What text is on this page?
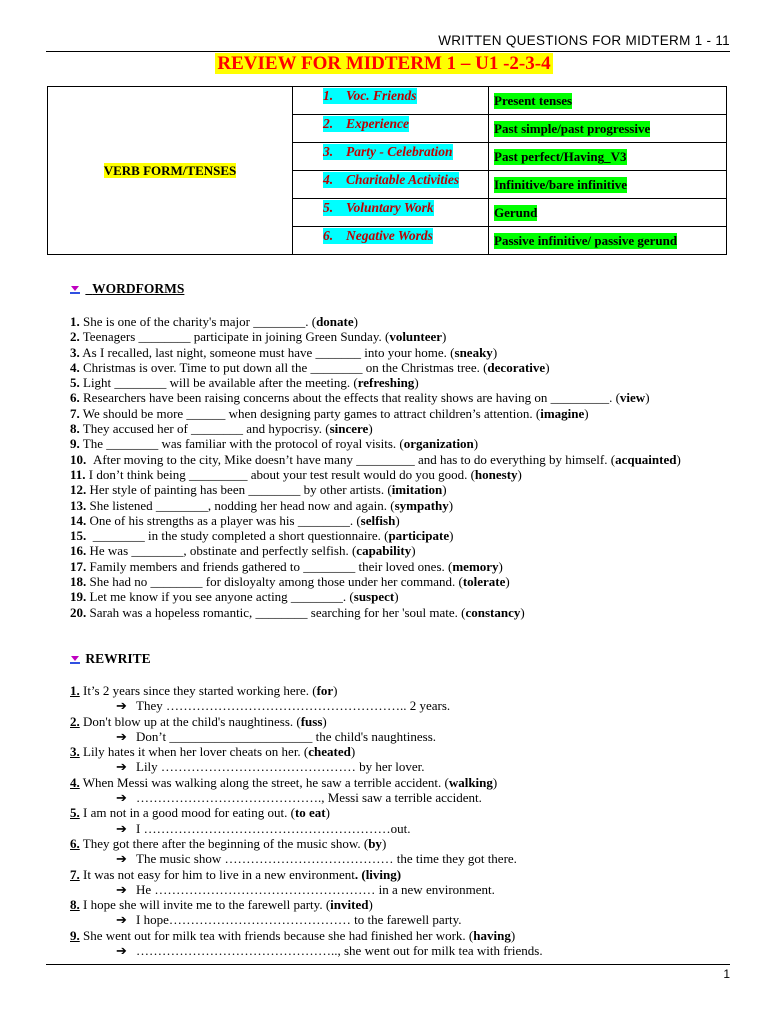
WRITTEN QUESTIONS FOR MIDTERM 1 - 11
REVIEW FOR MIDTERM 1 – U1 -2-3-4
VERB FORM/TENSES	1. Voc. Friends	Present tenses
	2. Experience	Past simple/past progressive
	3. Party - Celebration	Past perfect/Having_V3
	4. Charitable Activities	Infinitive/bare infinitive
	5. Voluntary Work	Gerund
	6. Negative Words	Passive infinitive/ passive gerund
WORDFORMS
1. She is one of the charity's major ________. (donate)
2. Teenagers ________ participate in joining Green Sunday. (volunteer)
3. As I recalled, last night, someone must have _______ into your home. (sneaky)
4. Christmas is over. Time to put down all the ________ on the Christmas tree. (decorative)
5. Light ________ will be available after the meeting. (refreshing)
6. Researchers have been raising concerns about the effects that reality shows are having on _________. (view)
7. We should be more ______ when designing party games to attract children’s attention. (imagine)
8. They accused her of ________ and hypocrisy. (sincere)
9. The ________ was familiar with the protocol of royal visits. (organization)
10. After moving to the city, Mike doesn’t have many _________ and has to do everything by himself. (acquainted)
11. I don’t think being _________ about your test result would do you good. (honesty)
12. Her style of painting has been ________ by other artists. (imitation)
13. She listened ________, nodding her head now and again. (sympathy)
14. One of his strengths as a player was his ________. (selfish)
15.  ________ in the study completed a short questionnaire. (participate)
16. He was ________, obstinate and perfectly selfish. (capability)
17. Family members and friends gathered to ________ their loved ones. (memory)
18. She had no ________ for disloyalty among those under her command. (tolerate)
19. Let me know if you see anyone acting ________. (suspect)
20. Sarah was a hopeless romantic, ________ searching for her 'soul mate. (constancy)
REWRITE
1. It’s 2 years since they started working here. (for)
➔ They ……………………………………………….. 2 years.
2. Don't blow up at the child's naughtiness. (fuss)
➔ Don’t ______________________ the child's naughtiness.
3. Lily hates it when her lover cheats on her. (cheated)
➔ Lily ……………………………………… by her lover.
4. When Messi was walking along the street, he saw a terrible accident. (walking)
➔ ……………………………………., Messi saw a terrible accident.
5. I am not in a good mood for eating out. (to eat)
➔ I …………………………………………………out.
6. They got there after the beginning of the music show. (by)
➔ The music show ………………………………… the time they got there.
7. It was not easy for him to live in a new environment. (living)
➔ He …………………………………………… in a new environment.
8. I hope she will invite me to the farewell party. (invited)
➔ I hope…………………………………… to the farewell party.
9. She went out for milk tea with friends because she had finished her work. (having)
➔ ……………………………………….., she went out for milk tea with friends.
1
